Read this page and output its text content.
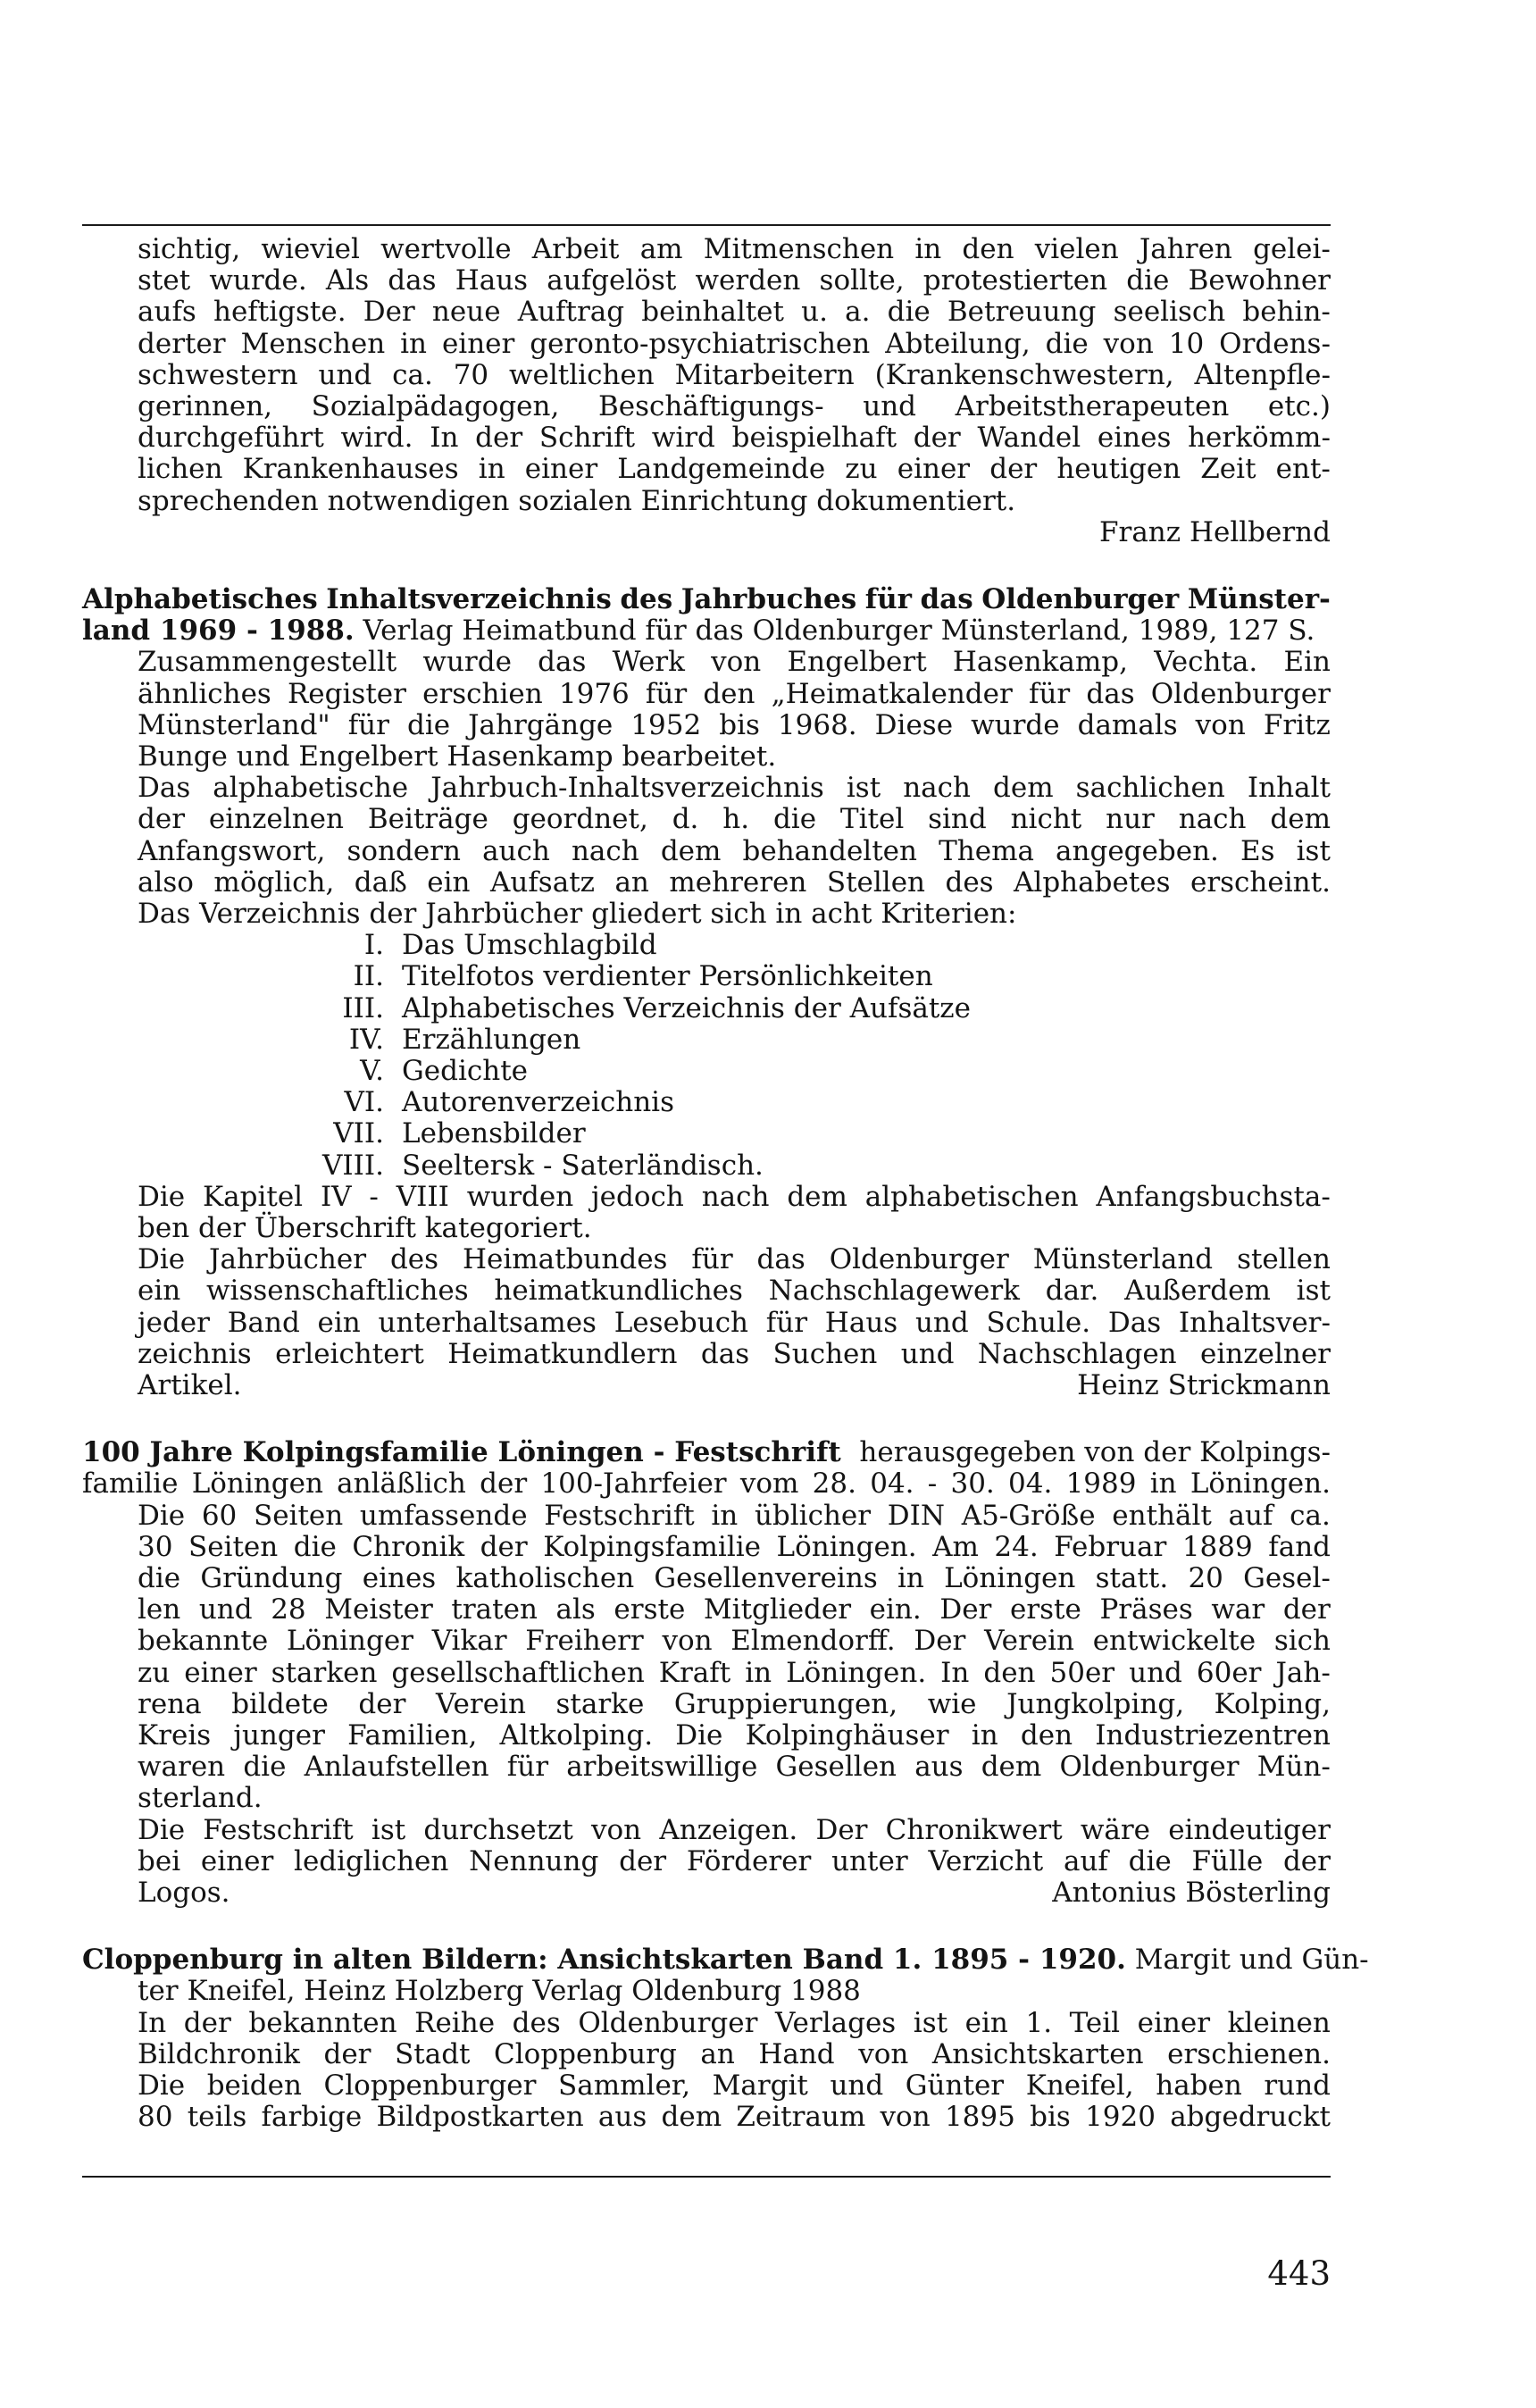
sichtig, wieviel wertvolle Arbeit am Mitmenschen in den vielen Jahren gelei-
stet wurde. Als das Haus aufgelöst werden sollte, protestierten die Bewohner
aufs heftigste. Der neue Auftrag beinhaltet u. a. die Betreuung seelisch behin-
derter Menschen in einer geronto-psychiatrischen Abteilung, die von 10 Ordens-
schwestern und ca. 70 weltlichen Mitarbeitern (Krankenschwestern, Altenpfle-
gerinnen, Sozialpädagogen, Beschäftigungs- und Arbeitstherapeuten etc.)
durchgeführt wird. In der Schrift wird beispielhaft der Wandel eines herkömm-
lichen Krankenhauses in einer Landgemeinde zu einer der heutigen Zeit ent-
sprechenden notwendigen sozialen Einrichtung dokumentiert.
Franz Hellbernd
Alphabetisches Inhaltsverzeichnis des Jahrbuches für das Oldenburger Münster-
land 1969 - 1988. Verlag Heimatbund für das Oldenburger Münsterland, 1989, 127 S.
Zusammengestellt wurde das Werk von Engelbert Hasenkamp, Vechta. Ein
ähnliches Register erschien 1976 für den „Heimatkalender für das Oldenburger
Münsterland" für die Jahrgänge 1952 bis 1968. Diese wurde damals von Fritz
Bunge und Engelbert Hasenkamp bearbeitet.
Das alphabetische Jahrbuch-Inhaltsverzeichnis ist nach dem sachlichen Inhalt
der einzelnen Beiträge geordnet, d. h. die Titel sind nicht nur nach dem
Anfangswort, sondern auch nach dem behandelten Thema angegeben. Es ist
also möglich, daß ein Aufsatz an mehreren Stellen des Alphabetes erscheint.
Das Verzeichnis der Jahrbücher gliedert sich in acht Kriterien:
I. Das Umschlagbild
II. Titelfotos verdienter Persönlichkeiten
III. Alphabetisches Verzeichnis der Aufsätze
IV. Erzählungen
V. Gedichte
VI. Autorenverzeichnis
VII. Lebensbilder
VIII. Seeltersk - Saterländisch.
Die Kapitel IV - VIII wurden jedoch nach dem alphabetischen Anfangsbuchsta-
ben der Überschrift kategoriert.
Die Jahrbücher des Heimatbundes für das Oldenburger Münsterland stellen
ein wissenschaftliches heimatkundliches Nachschlagewerk dar. Außerdem ist
jeder Band ein unterhaltsames Lesebuch für Haus und Schule. Das Inhaltsver-
zeichnis erleichtert Heimatkundlern das Suchen und Nachschlagen einzelner
Artikel.	Heinz Strickmann
100 Jahre Kolpingsfamilie Löningen - Festschrift herausgegeben von der Kolpings-
familie Löningen anläßlich der 100-Jahrfeier vom 28. 04. - 30. 04. 1989 in Löningen.
Die 60 Seiten umfassende Festschrift in üblicher DIN A5-Größe enthält auf ca.
30 Seiten die Chronik der Kolpingsfamilie Löningen. Am 24. Februar 1889 fand
die Gründung eines katholischen Gesellenvereins in Löningen statt. 20 Gesel-
len und 28 Meister traten als erste Mitglieder ein. Der erste Präses war der
bekannte Löninger Vikar Freiherr von Elmendorff. Der Verein entwickelte sich
zu einer starken gesellschaftlichen Kraft in Löningen. In den 50er und 60er Jah-
rena bildete der Verein starke Gruppierungen, wie Jungkolping, Kolping,
Kreis junger Familien, Altkolping. Die Kolpinghäuser in den Industriezentren
waren die Anlaufstellen für arbeitswillige Gesellen aus dem Oldenburger Mün-
sterland.
Die Festschrift ist durchsetzt von Anzeigen. Der Chronikwert wäre eindeutiger
bei einer lediglichen Nennung der Förderer unter Verzicht auf die Fülle der
Logos.	Antonius Bösterling
Cloppenburg in alten Bildern: Ansichtskarten Band 1. 1895 - 1920. Margit und Gün-
ter Kneifel, Heinz Holzberg Verlag Oldenburg 1988
In der bekannten Reihe des Oldenburger Verlages ist ein 1. Teil einer kleinen
Bildchronik der Stadt Cloppenburg an Hand von Ansichtskarten erschienen.
Die beiden Cloppenburger Sammler, Margit und Günter Kneifel, haben rund
80 teils farbige Bildpostkarten aus dem Zeitraum von 1895 bis 1920 abgedruckt
443
